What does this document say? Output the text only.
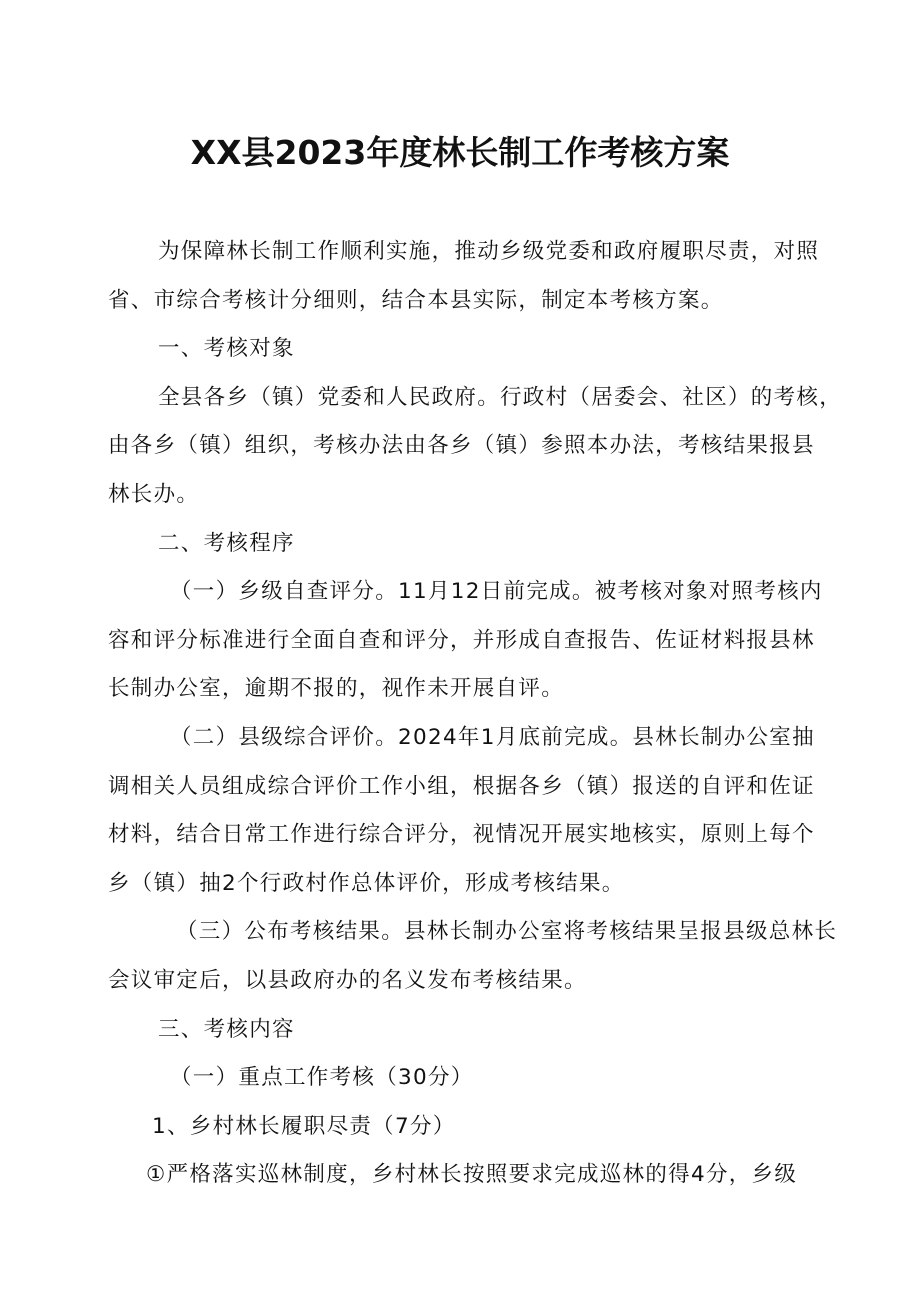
XX县2023年度林长制工作考核方案
为保障林长制工作顺利实施，推动乡级党委和政府履职尽责，对照
省、市综合考核计分细则，结合本县实际，制定本考核方案。
一、考核对象
全县各乡（镇）党委和人民政府。行政村（居委会、社区）的考核，
由各乡（镇）组织，考核办法由各乡（镇）参照本办法，考核结果报县
林长办。
二、考核程序
（一）乡级自查评分。11月12日前完成。被考核对象对照考核内
容和评分标准进行全面自查和评分，并形成自查报告、佐证材料报县林
长制办公室，逾期不报的，视作未开展自评。
（二）县级综合评价。2024年1月底前完成。县林长制办公室抽
调相关人员组成综合评价工作小组，根据各乡（镇）报送的自评和佐证
材料，结合日常工作进行综合评分，视情况开展实地核实，原则上每个
乡（镇）抽2个行政村作总体评价，形成考核结果。
（三）公布考核结果。县林长制办公室将考核结果呈报县级总林长
会议审定后，以县政府办的名义发布考核结果。
三、考核内容
（一）重点工作考核（30分）
1、乡村林长履职尽责（7分）
①严格落实巡林制度，乡村林长按照要求完成巡林的得4分，乡级
